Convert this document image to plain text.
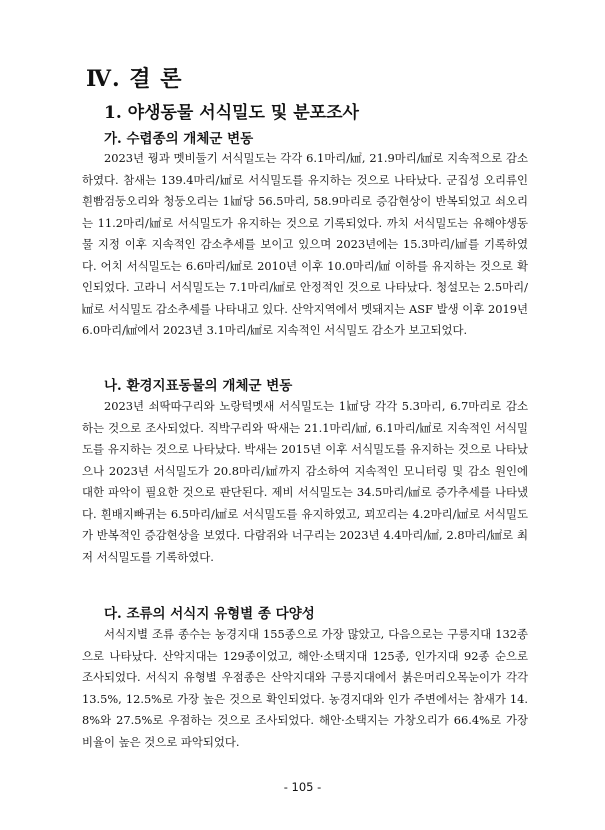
Ⅳ. 결 론
1. 야생동물 서식밀도 및 분포조사
가. 수렵종의 개체군 변동
2023년 꿩과 멧비둘기 서식밀도는 각각 6.1마리/㎢, 21.9마리/㎢로 지속적으로 감소하였다. 참새는 139.4마리/㎢로 서식밀도를 유지하는 것으로 나타났다. 군집성 오리류인 흰빰검둥오리와 청둥오리는 1㎢당 56.5마리, 58.9마리로 증감현상이 반복되었고 쇠오리는 11.2마리/㎢로 서식밀도가 유지하는 것으로 기록되었다. 까치 서식밀도는 유해야생동물 지정 이후 지속적인 감소추세를 보이고 있으며 2023년에는 15.3마리/㎢를 기록하였다. 어치 서식밀도는 6.6마리/㎢로 2010년 이후 10.0마리/㎢ 이하를 유지하는 것으로 확인되었다. 고라니 서식밀도는 7.1마리/㎢로 안정적인 것으로 나타났다. 청설모는 2.5마리/㎢로 서식밀도 감소추세를 나타내고 있다. 산악지역에서 멧돼지는 ASF 발생 이후 2019년 6.0마리/㎢에서 2023년 3.1마리/㎢로 지속적인 서식밀도 감소가 보고되었다.
나. 환경지표동물의 개체군 변동
2023년 쇠딱따구리와 노랑턱멧새 서식밀도는 1㎢당 각각 5.3마리, 6.7마리로 감소하는 것으로 조사되었다. 직박구리와 딱새는 21.1마리/㎢, 6.1마리/㎢로 지속적인 서식밀도를 유지하는 것으로 나타났다. 박새는 2015년 이후 서식밀도를 유지하는 것으로 나타났으나 2023년 서식밀도가 20.8마리/㎢까지 감소하여 지속적인 모니터링 및 감소 원인에 대한 파악이 필요한 것으로 판단된다. 제비 서식밀도는 34.5마리/㎢로 증가추세를 나타냈다. 흰배지빠귀는 6.5마리/㎢로 서식밀도를 유지하였고, 꾀꼬리는 4.2마리/㎢로 서식밀도가 반복적인 증감현상을 보였다. 다람쥐와 너구리는 2023년 4.4마리/㎢, 2.8마리/㎢로 최저 서식밀도를 기록하였다.
다. 조류의 서식지 유형별 종 다양성
서식지별 조류 종수는 농경지대 155종으로 가장 많았고, 다음으로는 구릉지대 132종으로 나타났다. 산악지대는 129종이었고, 해안·소택지대 125종, 인가지대 92종 순으로 조사되었다. 서식지 유형별 우점종은 산악지대와 구릉지대에서 붉은머리오목눈이가 각각 13.5%, 12.5%로 가장 높은 것으로 확인되었다. 농경지대와 인가 주변에서는 참새가 14.8%와 27.5%로 우점하는 것으로 조사되었다. 해안·소택지는 가창오리가 66.4%로 가장 비율이 높은 것으로 파악되었다.
- 105 -
